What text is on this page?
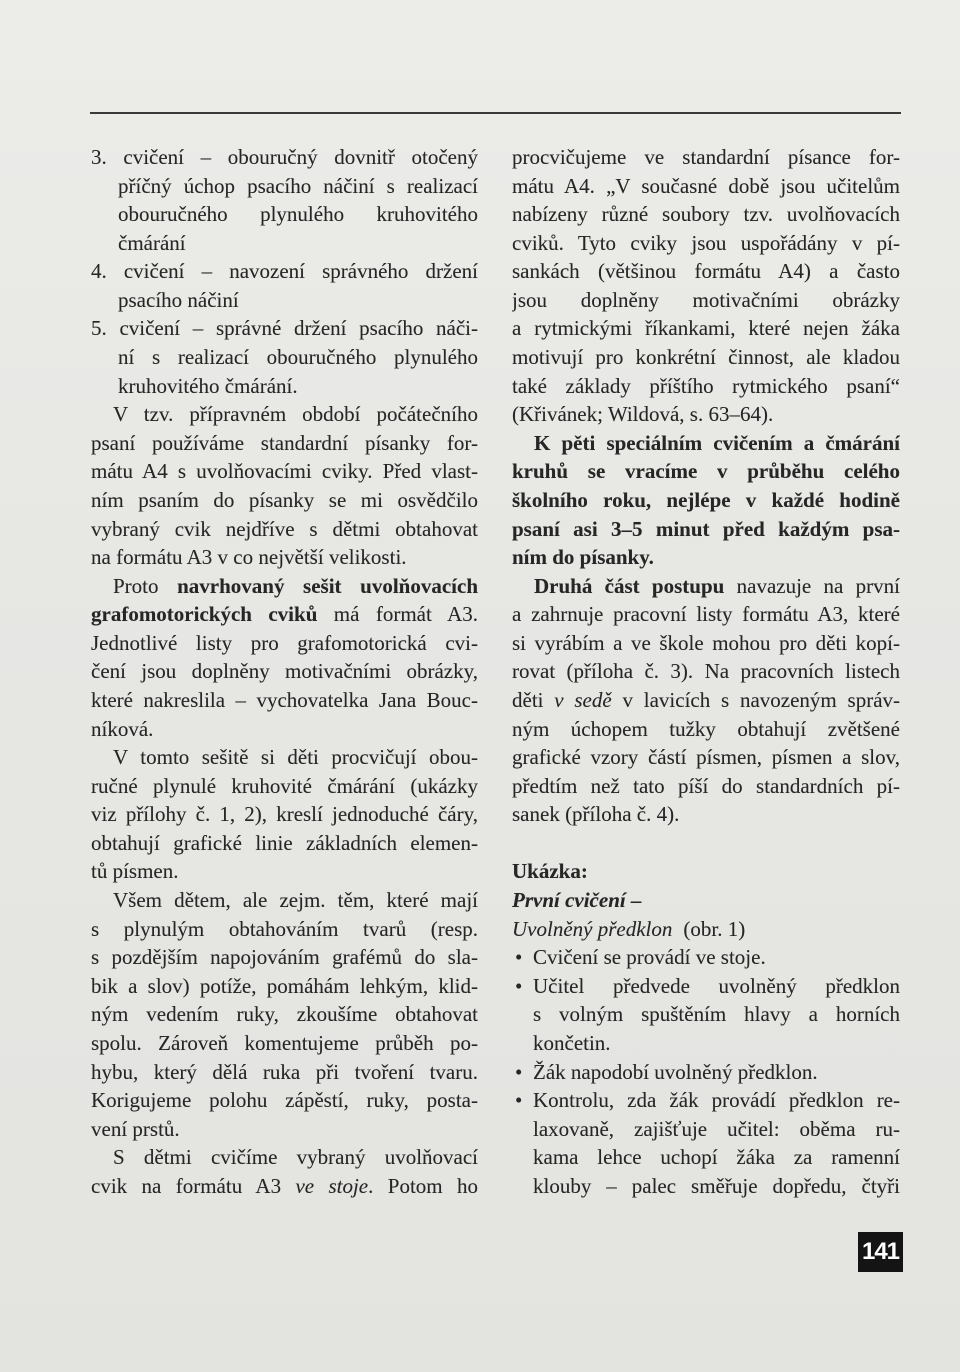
3. cvičení – obouručný dovnitř otočený
příčný úchop psacího náčiní s realizací
obouručného plynulého kruhovitého
čmárání
4. cvičení – navození správného držení
psacího náčiní
5. cvičení – správné držení psacího náči-
ní s realizací obouručného plynulého
kruhovitého čmárání.
V tzv. přípravném období počátečního
psaní používáme standardní písanky for-
mátu A4 s uvolňovacími cviky. Před vlast-
ním psaním do písanky se mi osvědčilo
vybraný cvik nejdříve s dětmi obtahovat
na formátu A3 v co největší velikosti.
Proto navrhovaný sešit uvolňovacích
grafomotorických cviků má formát A3.
Jednotlivé listy pro grafomotorická cvi-
čení jsou doplněny motivačními obrázky,
které nakreslila – vychovatelka Jana Bouc-
níková.
V tomto sešitě si děti procvičují obou-
ručné plynulé kruhovité čmárání (ukázky
viz přílohy č. 1, 2), kreslí jednoduché čáry,
obtahují grafické linie základních elemen-
tů písmen.
Všem dětem, ale zejm. těm, které mají
s plynulým obtahováním tvarů (resp.
s pozdějším napojováním grafémů do sla-
bik a slov) potíže, pomáhám lehkým, klid-
ným vedením ruky, zkoušíme obtahovat
spolu. Zároveň komentujeme průběh po-
hybu, který dělá ruka při tvoření tvaru.
Korigujeme polohu zápěstí, ruky, posta-
vení prstů.
S dětmi cvičíme vybraný uvolňovací
cvik na formátu A3 ve stoje. Potom ho
procvičujeme ve standardní písance for-
mátu A4. „V současné době jsou učitelům
nabízeny různé soubory tzv. uvolňovacích
cviků. Tyto cviky jsou uspořádány v pí-
sankách (většinou formátu A4) a často
jsou doplněny motivačními obrázky
a rytmickými říkankami, které nejen žáka
motivují pro konkrétní činnost, ale kladou
také základy příštího rytmického psaní“
(Křivánek; Wildová, s. 63–64).
K pěti speciálním cvičením a čmárání
kruhů se vracíme v průběhu celého
školního roku, nejlépe v každé hodině
psaní asi 3–5 minut před každým psa-
ním do písanky.
Druhá část postupu navazuje na první
a zahrnuje pracovní listy formátu A3, které
si vyrábím a ve škole mohou pro děti kopí-
rovat (příloha č. 3). Na pracovních listech
děti v sedě v lavicích s navozeným správ-
ným úchopem tužky obtahují zvětšené
grafické vzory částí písmen, písmen a slov,
předtím než tato píší do standardních pí-
sanek (příloha č. 4).
Ukázka:
První cvičení –
Uvolněný předklon (obr. 1)
• Cvičení se provádí ve stoje.
• Učitel předvede uvolněný předklon
s volným spuštěním hlavy a horních
končetin.
• Žák napodobí uvolněný předklon.
• Kontrolu, zda žák provádí předklon re-
laxovaně, zajišťuje učitel: oběma ru-
kama lehce uchopí žáka za ramenní
klouby – palec směřuje dopředu, čtyři
141
